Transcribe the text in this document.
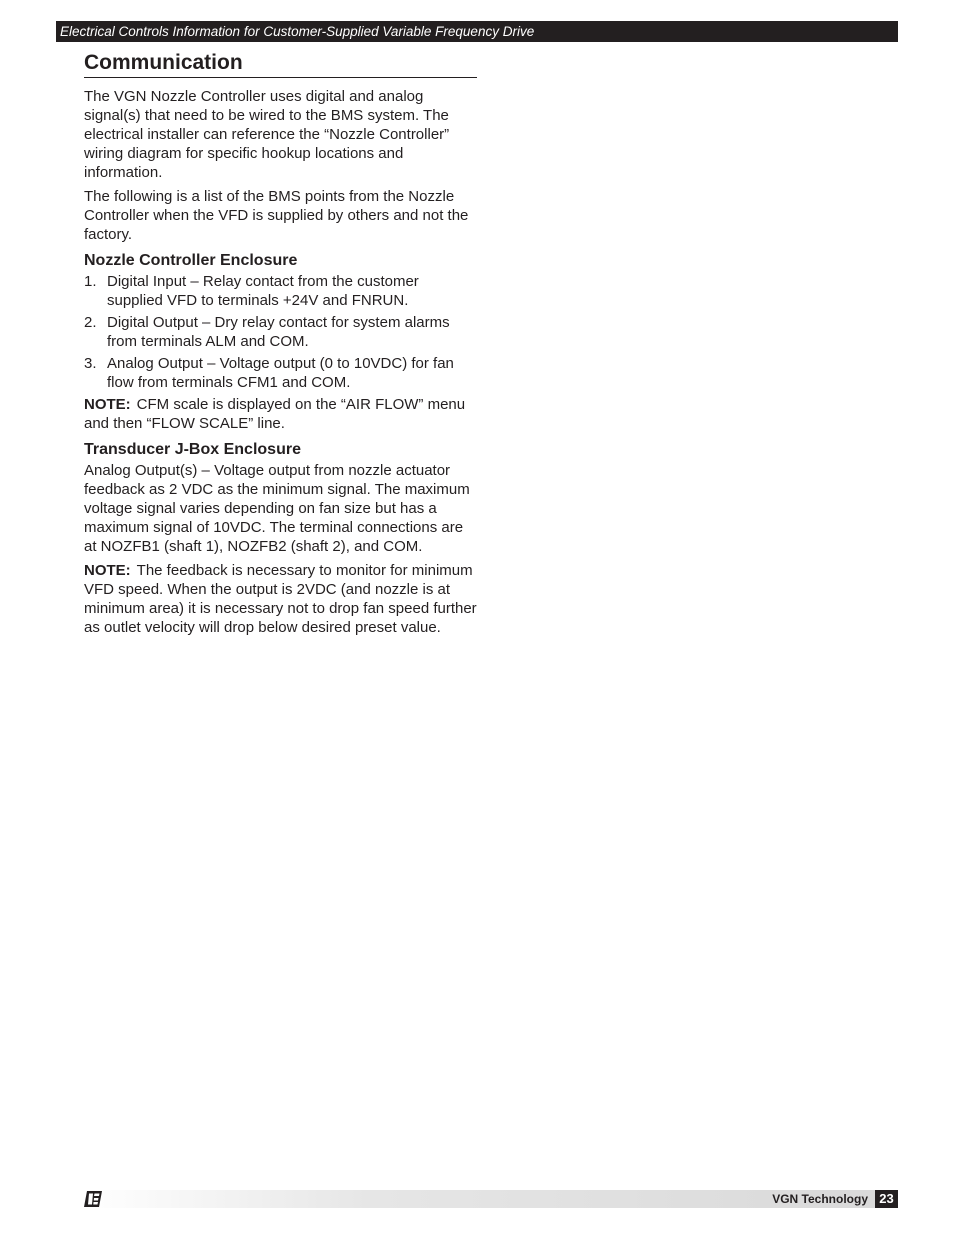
Electrical Controls Information for Customer-Supplied Variable Frequency Drive
Communication

The VGN Nozzle Controller uses digital and analog signal(s) that need to be wired to the BMS system. The electrical installer can reference the “Nozzle Controller” wiring diagram for specific hookup locations and information.

The following is a list of the BMS points from the Nozzle Controller when the VFD is supplied by others and not the factory.

Nozzle Controller Enclosure
1. Digital Input – Relay contact from the customer supplied VFD to terminals +24V and FNRUN.
2. Digital Output – Dry relay contact for system alarms from terminals ALM and COM.
3. Analog Output – Voltage output (0 to 10VDC) for fan flow from terminals CFM1 and COM.

NOTE: CFM scale is displayed on the “AIR FLOW” menu and then “FLOW SCALE” line.

Transducer J-Box Enclosure

Analog Output(s) – Voltage output from nozzle actuator feedback as 2 VDC as the minimum signal. The maximum voltage signal varies depending on fan size but has a maximum signal of 10VDC. The terminal connections are at NOZFB1 (shaft 1), NOZFB2 (shaft 2), and COM.

NOTE: The feedback is necessary to monitor for minimum VFD speed. When the output is 2VDC (and nozzle is at minimum area) it is necessary not to drop fan speed further as outlet velocity will drop below desired preset value.

VGN Technology 23
